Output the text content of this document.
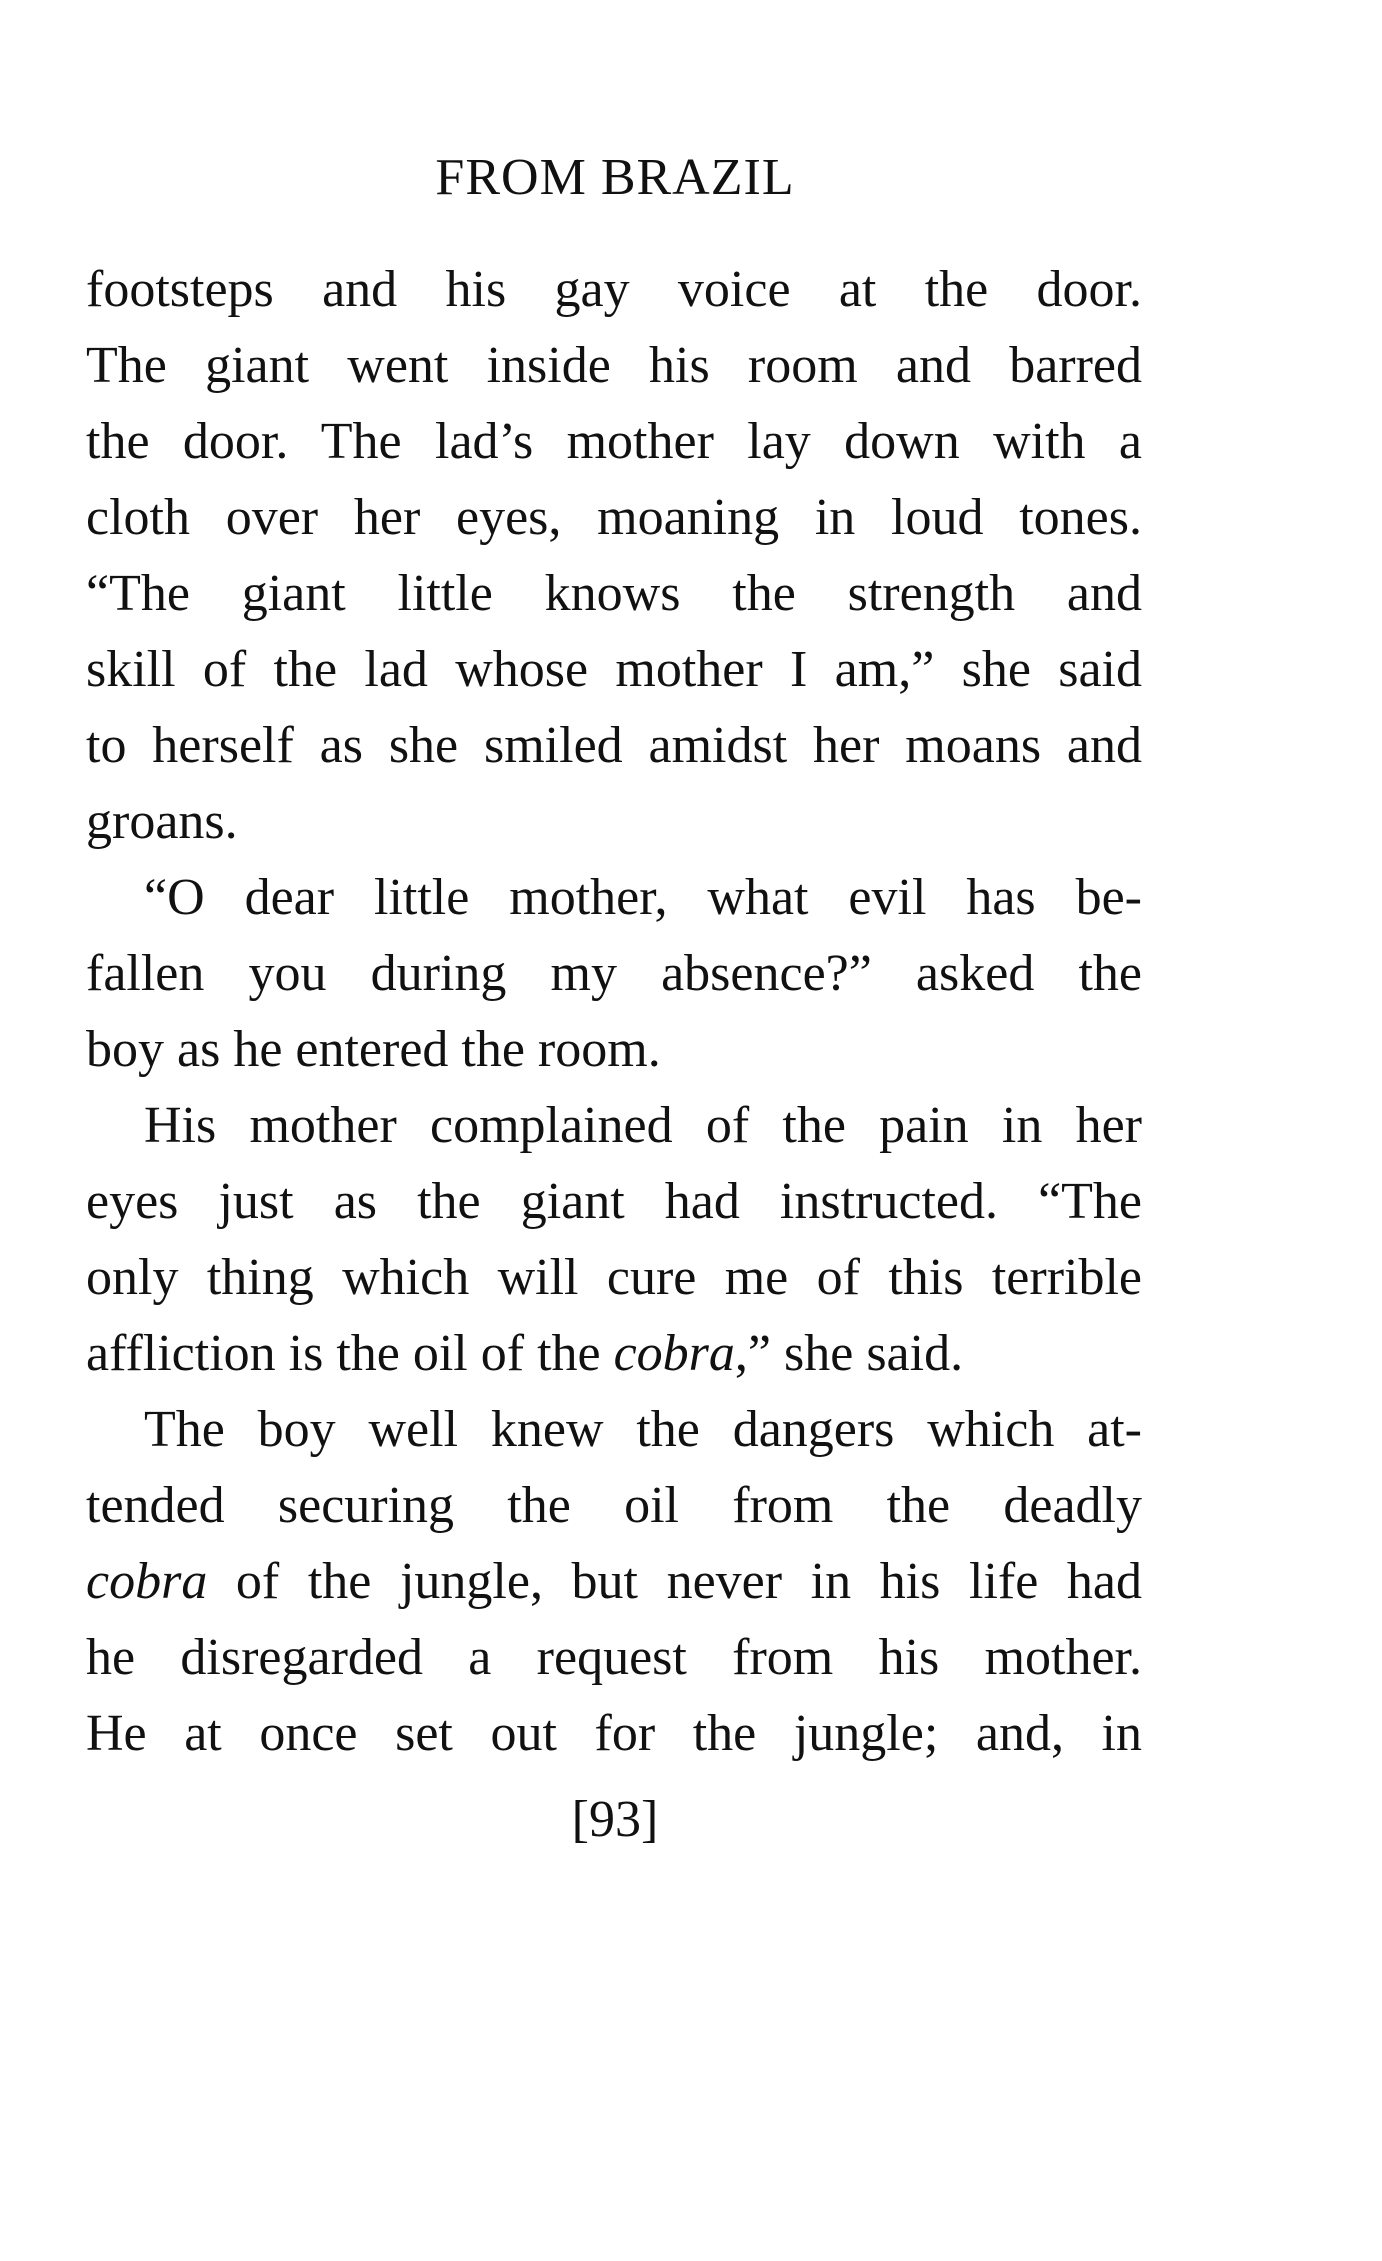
FROM BRAZIL
footsteps and his gay voice at the door.
The giant went inside his room and barred
the door. The lad’s mother lay down with a
cloth over her eyes, moaning in loud tones.
“The giant little knows the strength and
skill of the lad whose mother I am,” she said
to herself as she smiled amidst her moans and
groans.
“O dear little mother, what evil has be-
fallen you during my absence?” asked the
boy as he entered the room.
His mother complained of the pain in her
eyes just as the giant had instructed. “The
only thing which will cure me of this terrible
affliction is the oil of the cobra,” she said.
The boy well knew the dangers which at-
tended securing the oil from the deadly
cobra of the jungle, but never in his life had
he disregarded a request from his mother.
He at once set out for the jungle; and, in
[93]
